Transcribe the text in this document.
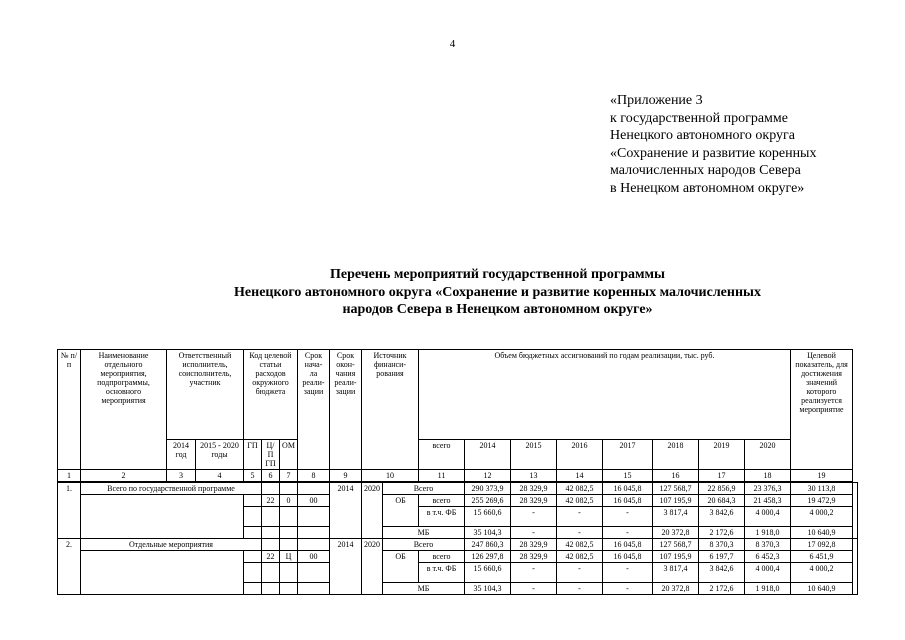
4
«Приложение 3
к государственной программе
Ненецкого автономного округа
«Сохранение и развитие коренных
малочисленных народов Севера
в Ненецком автономном округе»
Перечень мероприятий государственной программы
Ненецкого автономного округа «Сохранение и развитие коренных малочисленных
народов Севера в Ненецком автономном округе»
№ п/п	Наименование отдельного мероприятия, подпрограммы, основного мероприятия	Ответственный исполнитель, соисполнитель, участник		Код целевой статьи расходов окружного бюджета			Срок нача- ла реали- зации	Срок окон- чания реали- зации	Источник финанси- рования		Объем бюджетных ассигнований по годам реализации, тыс. руб.								Целевой показатель, для достижения значений которого реализуется мероприятие	
		2014 год	2015 - 2020 годы	ГП	Ц/П ГП	ОМ					всего	2014	2015	2016	2017	2018	2019	2020		
1	2	3	4	5	6	7	8	9	10		11	12	13	14	15	16	17	18	19	
1.	Всего по государственной программе							2014	2020	Всего		290 373,9	28 329,9	42 082,5	16 045,8	127 568,7	22 856,9	23 376,3	30 113,8	
					22	0	00			ОБ	всего	255 269,6	28 329,9	42 082,5	16 045,8	107 195,9	20 684,3	21 458,3	19 472,9	
											в т.ч. ФБ	15 660,6	-	-	-	3 817,4	3 842,6	4 000,4	4 000,2	
										МБ		35 104,3	-	-	-	20 372,8	2 172,6	1 918,0	10 640,9	
2.	Отдельные мероприятия							2014	2020	Всего		247 860,3	28 329,9	42 082,5	16 045,8	127 568,7	8 370,3	8 370,3	17 092,8	
					22	Ц	00			ОБ	всего	126 297,8	28 329,9	42 082,5	16 045,8	107 195,9	6 197,7	6 452,3	6 451,9	
											в т.ч. ФБ	15 660,6	-	-	-	3 817,4	3 842,6	4 000,4	4 000,2	
										МБ		35 104,3	-	-	-	20 372,8	2 172,6	1 918,0	10 640,9	
